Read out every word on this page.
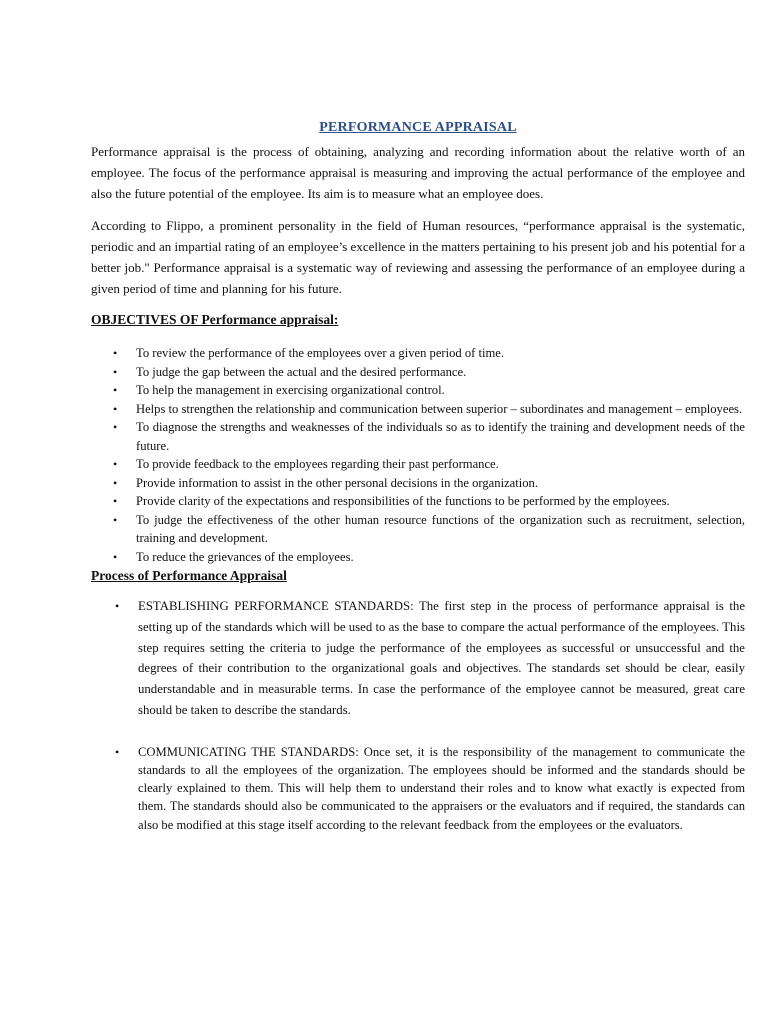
PERFORMANCE APPRAISAL

Performance appraisal is the process of obtaining, analyzing and recording information about the relative worth of an employee. The focus of the performance appraisal is measuring and improving the actual performance of the employee and also the future potential of the employee. Its aim is to measure what an employee does.

According to Flippo, a prominent personality in the field of Human resources, “performance appraisal is the systematic, periodic and an impartial rating of an employee’s excellence in the matters pertaining to his present job and his potential for a better job." Performance appraisal is a systematic way of reviewing and assessing the performance of an employee during a given period of time and planning for his future.

OBJECTIVES OF Performance appraisal:
• To review the performance of the employees over a given period of time.
• To judge the gap between the actual and the desired performance.
• To help the management in exercising organizational control.
• Helps to strengthen the relationship and communication between superior – subordinates and management – employees.
• To diagnose the strengths and weaknesses of the individuals so as to identify the training and development needs of the future.
• To provide feedback to the employees regarding their past performance.
• Provide information to assist in the other personal decisions in the organization.
• Provide clarity of the expectations and responsibilities of the functions to be performed by the employees.
• To judge the effectiveness of the other human resource functions of the organization such as recruitment, selection, training and development.
• To reduce the grievances of the employees.
Process of Performance Appraisal
• ESTABLISHING PERFORMANCE STANDARDS: The first step in the process of performance appraisal is the setting up of the standards which will be used to as the base to compare the actual performance of the employees. This step requires setting the criteria to judge the performance of the employees as successful or unsuccessful and the degrees of their contribution to the organizational goals and objectives. The standards set should be clear, easily understandable and in measurable terms. In case the performance of the employee cannot be measured, great care should be taken to describe the standards.
• COMMUNICATING THE STANDARDS: Once set, it is the responsibility of the management to communicate the standards to all the employees of the organization. The employees should be informed and the standards should be clearly explained to them. This will help them to understand their roles and to know what exactly is expected from them. The standards should also be communicated to the appraisers or the evaluators and if required, the standards can also be modified at this stage itself according to the relevant feedback from the employees or the evaluators.
